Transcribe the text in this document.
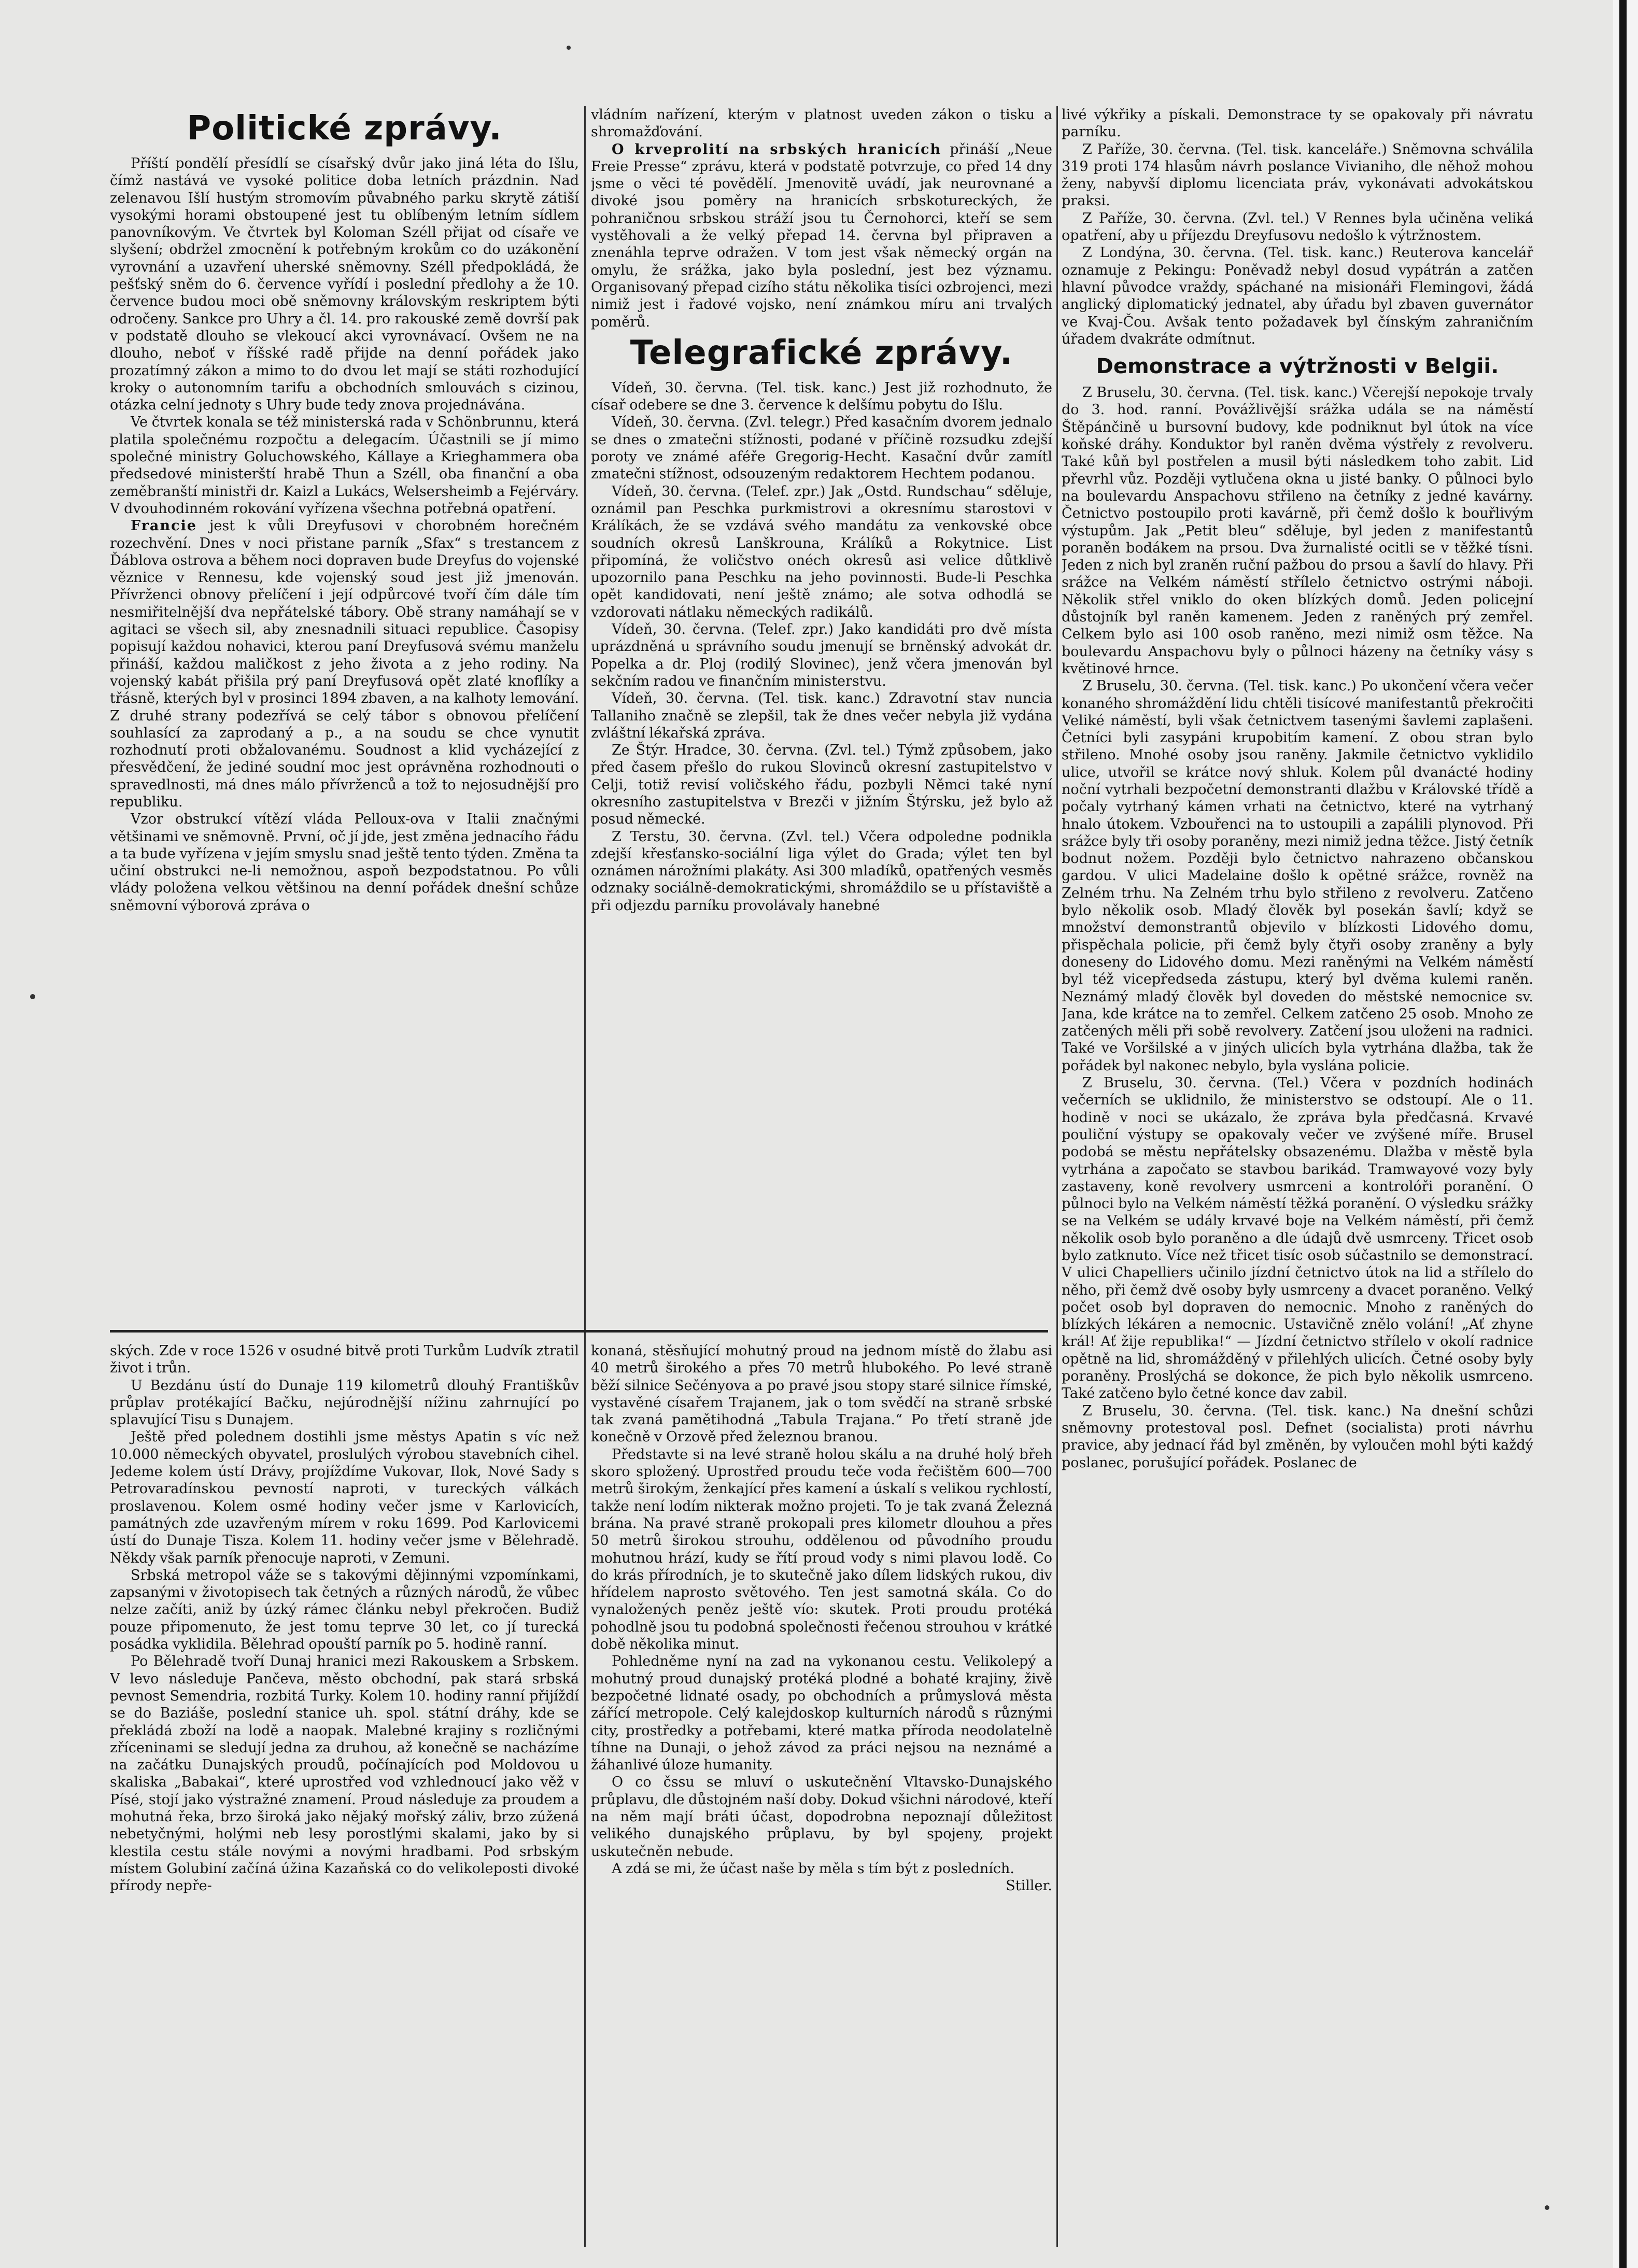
Politické zprávy.

Příští pondělí přesídlí se císařský dvůr jako jiná léta do Išlu, čímž nastává ve vysoké politice doba letních prázdnin. Nad zelenavou Išlí hustým stromovím půvabného parku skrytě zátiší vysokými horami obstoupené jest tu oblíbeným letním sídlem panovníkovým. Ve čtvrtek byl Koloman Széll přijat od císaře ve slyšení; obdržel zmocnění k potřebným krokům co do uzákonění vyrovnání a uzavření uherské sněmovny. Széll předpokládá, že pešťský sněm do 6. července vyřídí i poslední předlohy a že 10. července budou moci obě sněmovny královským reskriptem býti odročeny. Sankce pro Uhry a čl. 14. pro rakouské země dovrší pak v podstatě dlouho se vlekoucí akci vyrovnávací. Ovšem ne na dlouho, neboť v říšské radě přijde na denní pořádek jako prozatímný zákon a mimo to do dvou let mají se státi rozhodující kroky o autonomním tarifu a obchodních smlouvách s cizinou, otázka celní jednoty s Uhry bude tedy znova projednávána.

Ve čtvrtek konala se též ministerská rada v Schönbrunnu, která platila společnému rozpočtu a delegacím. Účastnili se jí mimo společné ministry Goluchowského, Kállaye a Krieghammera oba předsedové ministerští hrabě Thun a Széll, oba finanční a oba zeměbranští ministři dr. Kaizl a Lukács, Welsersheimb a Fejérváry. V dvouhodinném rokování vyřízena všechna potřebná opatření.

Francie jest k vůli Dreyfusovi v chorobném horečném rozechvění. Dnes v noci přistane parník „Sfax“ s trestancem z Ďáblova ostrova a během noci dopraven bude Dreyfus do vojenské věznice v Rennesu, kde vojenský soud jest již jmenován. Přívrženci obnovy přelíčení i její odpůrcové tvoří čím dále tím nesmiřitelnější dva nepřátelské tábory. Obě strany namáhají se v agitaci se všech sil, aby znesnadnili situaci republice. Časopisy popisují každou nohavici, kterou paní Dreyfusová svému manželu přináší, každou maličkost z jeho života a z jeho rodiny. Na vojenský kabát přišila prý paní Dreyfusová opět zlaté knoflíky a třásně, kterých byl v prosinci 1894 zbaven, a na kalhoty lemování. Z druhé strany podezřívá se celý tábor s obnovou přelíčení souhlasící za zaprodaný a p., a na soudu se chce vynutit rozhodnutí proti obžalovanému. Soudnost a klid vycházející z přesvědčení, že jediné soudní moc jest oprávněna rozhodnouti o spravedlnosti, má dnes málo přívrženců a tož to nejosudnější pro republiku.

Vzor obstrukcí vítězí vláda Pelloux-ova v Italii značnými většinami ve sněmovně. První, oč jí jde, jest změna jednacího řádu a ta bude vyřízena v jejím smyslu snad ještě tento týden. Změna ta učiní obstrukci ne-li nemožnou, aspoň bezpodstatnou. Po vůli vlády položena velkou většinou na denní pořádek dnešní schůze sněmovní výborová zpráva o

vládním nařízení, kterým v platnost uveden zákon o tisku a shromažďování.

O krveprolití na srbských hranicích přináší „Neue Freie Presse“ zprávu, která v podstatě potvrzuje, co před 14 dny jsme o věci té povědělí. Jmenovitě uvádí, jak neurovnané a divoké jsou poměry na hranicích srbskotureckých, že pohraničnou srbskou stráží jsou tu Černohorci, kteří se sem vystěhovali a že velký přepad 14. června byl připraven a znenáhla teprve odražen. V tom jest však německý orgán na omylu, že srážka, jako byla poslední, jest bez významu. Organisovaný přepad cizího státu několika tisíci ozbrojenci, mezi nimiž jest i řadové vojsko, není známkou míru ani trvalých poměrů.

Telegrafické zprávy.

Vídeň, 30. června. (Tel. tisk. kanc.) Jest již rozhodnuto, že císař odebere se dne 3. července k delšímu pobytu do Išlu.

Vídeň, 30. června. (Zvl. telegr.) Před kasačním dvorem jednalo se dnes o zmatečni stížnosti, podané v příčině rozsudku zdejší poroty ve známé aféře Gregorig-Hecht. Kasační dvůr zamítl zmatečni stížnost, odsouzeným redaktorem Hechtem podanou.

Vídeň, 30. června. (Telef. zpr.) Jak „Ostd. Rundschau“ sděluje, oznámil pan Peschka purkmistrovi a okresnímu starostovi v Králíkách, že se vzdává svého mandátu za venkovské obce soudních okresů Lanškrouna, Králíků a Rokytnice. List připomíná, že voličstvo onéch okresů asi velice důtklivě upozornilo pana Peschku na jeho povinnosti. Bude-li Peschka opět kandidovati, není ještě známo; ale sotva odhodlá se vzdorovati nátlaku německých radikálů.

Vídeň, 30. června. (Telef. zpr.) Jako kandidáti pro dvě místa uprázdněná u správního soudu jmenují se brněnský advokát dr. Popelka a dr. Ploj (rodilý Slovinec), jenž včera jmenován byl sekčním radou ve finančním ministerstvu.

Vídeň, 30. června. (Tel. tisk. kanc.) Zdravotní stav nuncia Tallaniho značně se zlepšil, tak že dnes večer nebyla již vydána zvláštní lékařská zpráva.

Ze Štýr. Hradce, 30. června. (Zvl. tel.) Týmž způsobem, jako před časem přešlo do rukou Slovinců okresní zastupitelstvo v Celji, totiž revisí voličského řádu, pozbyli Němci také nyní okresního zastupitelstva v Brezči v jižním Štýrsku, jež bylo až posud německé.

Z Terstu, 30. června. (Zvl. tel.) Včera odpoledne podnikla zdejší křesťansko-sociální liga výlet do Grada; výlet ten byl oznámen nárožními plakáty. Asi 300 mladíků, opatřených vesměs odznaky sociálně-demokratickými, shromáždilo se u přístaviště a při odjezdu parníku provolávaly hanebné

livé výkřiky a pískali. Demonstrace ty se opakovaly při návratu parníku.

Z Paříže, 30. června. (Tel. tisk. kanceláře.) Sněmovna schválila 319 proti 174 hlasům návrh poslance Vivianiho, dle něhož mohou ženy, nabyvší diplomu licenciata práv, vykonávati advokátskou praksi.

Z Paříže, 30. června. (Zvl. tel.) V Rennes byla učiněna veliká opatření, aby u příjezdu Dreyfusovu nedošlo k výtržnostem.

Z Londýna, 30. června. (Tel. tisk. kanc.) Reuterova kancelář oznamuje z Pekingu: Poněvadž nebyl dosud vypátrán a zatčen hlavní původce vraždy, spáchané na misionáři Flemingovi, žádá anglický diplomatický jednatel, aby úřadu byl zbaven guvernátor ve Kvaj-Čou. Avšak tento požadavek byl čínským zahraničním úřadem dvakráte odmítnut.

Demonstrace a výtržnosti v Belgii.

Z Bruselu, 30. června. (Tel. tisk. kanc.) Včerejší nepokoje trvaly do 3. hod. ranní. Povážlivější srážka udála se na náměstí Štěpánčině u bursovní budovy, kde podniknut byl útok na více koňské dráhy. Konduktor byl raněn dvěma výstřely z revolveru. Také kůň byl postřelen a musil býti následkem toho zabit. Lid převrhl vůz. Později vytlučena okna u jisté banky. O půlnoci bylo na boulevardu Anspachovu střileno na četníky z jedné kavárny. Četnictvo postoupilo proti kavárně, při čemž došlo k bouřlivým výstupům. Jak „Petit bleu“ sděluje, byl jeden z manifestantů poraněn bodákem na prsou. Dva žurnalisté ocitli se v těžké tísni. Jeden z nich byl zraněn ruční pažbou do prsou a šavlí do hlavy. Při srážce na Velkém náměstí střílelo četnictvo ostrými náboji. Několik střel vniklo do oken blízkých domů. Jeden policejní důstojník byl raněn kamenem. Jeden z raněných prý zemřel. Celkem bylo asi 100 osob raněno, mezi nimiž osm těžce. Na boulevardu Anspachovu byly o půlnoci házeny na četníky vásy s květinové hrnce.

Z Bruselu, 30. června. (Tel. tisk. kanc.) Po ukončení včera večer konaného shromáždění lidu chtěli tisícové manifestantů překročiti Veliké náměstí, byli však četnictvem tasenými šavlemi zaplašeni. Četníci byli zasypáni krupobitím kamení. Z obou stran bylo střileno. Mnohé osoby jsou raněny. Jakmile četnictvo vyklidilo ulice, utvořil se krátce nový shluk. Kolem půl dvanácté hodiny noční vytrhali bezpočetní demonstranti dlažbu v Královské třídě a počaly vytrhaný kámen vrhati na četnictvo, které na vytrhaný hnalo útokem. Vzbouřenci na to ustoupili a zapálili plynovod. Při srážce byly tři osoby poraněny, mezi nimiž jedna těžce. Jistý četník bodnut nožem. Později bylo četnictvo nahrazeno občanskou gardou. V ulici Madelaine došlo k opětné srážce, rovněž na Zelném trhu. Na Zelném trhu bylo střileno z revolveru. Zatčeno bylo několik osob. Mladý člověk byl posekán šavlí; když se množství demonstrantů objevilo v blízkosti Lidového domu, přispěchala policie, při čemž byly čtyři osoby zraněny a byly doneseny do Lidového domu. Mezi raněnými na Velkém náměstí byl též vicepředseda zástupu, který byl dvěma kulemi raněn. Neznámý mladý člověk byl doveden do městské nemocnice sv. Jana, kde krátce na to zemřel. Celkem zatčeno 25 osob. Mnoho ze zatčených měli při sobě revolvery. Zatčení jsou uloženi na radnici. Také ve Voršilské a v jiných ulicích byla vytrhána dlažba, tak že pořádek byl nakonec nebylo, byla vyslána policie.

Z Bruselu, 30. června. (Tel.) Včera v pozdních hodinách večerních se uklidnilo, že ministerstvo se odstoupí. Ale o 11. hodině v noci se ukázalo, že zpráva byla předčasná. Krvavé pouliční výstupy se opakovaly večer ve zvýšené míře. Brusel podobá se městu nepřátelsky obsazenému. Dlažba v městě byla vytrhána a započato se stavbou barikád. Tramwayové vozy byly zastaveny, koně revolvery usmrceni a kontrolóři poranění. O půlnoci bylo na Velkém náměstí těžká poranění. O výsledku srážky se na Velkém se udály krvavé boje na Velkém náměstí, při čemž několik osob bylo poraněno a dle údajů dvě usmrceny. Třicet osob bylo zatknuto. Více než třicet tisíc osob súčastnilo se demonstrací. V ulici Chapelliers učinilo jízdní četnictvo útok na lid a střílelo do něho, při čemž dvě osoby byly usmrceny a dvacet poraněno. Velký počet osob byl dopraven do nemocnic. Mnoho z raněných do blízkých lékáren a nemocnic. Ustavičně znělo volání! „Ať zhyne král! Ať žije republika!“ — Jízdní četnictvo střílelo v okolí radnice opětně na lid, shromážděný v přilehlých ulicích. Četné osoby byly poraněny. Proslýchá se dokonce, že pich bylo několik usmrceno. Také zatčeno bylo četné konce dav zabil.

Z Bruselu, 30. června. (Tel. tisk. kanc.) Na dnešní schůzi sněmovny protestoval posl. Defnet (socialista) proti návrhu pravice, aby jednací řád byl změněn, by vyloučen mohl býti každý poslanec, porušující pořádek. Poslanec de

ských. Zde v roce 1526 v osudné bitvě proti Turkům Ludvík ztratil život i trůn.

U Bezdánu ústí do Dunaje 119 kilometrů dlouhý Františkův průplav protékající Bačku, nejúrodnější nížinu zahrnující po splavující Tisu s Dunajem.

Ještě před polednem dostihli jsme městys Apatin s víc než 10.000 německých obyvatel, proslulých výrobou stavebních cihel. Jedeme kolem ústí Drávy, projíždíme Vukovar, Ilok, Nové Sady s Petrovaradínskou pevností naproti, v tureckých válkách proslavenou. Kolem osmé hodiny večer jsme v Karlovicích, památných zde uzavřeným mírem v roku 1699. Pod Karlovicemi ústí do Dunaje Tisza. Kolem 11. hodiny večer jsme v Bělehradě. Někdy však parník přenocuje naproti, v Zemuni.

Srbská metropol váže se s takovými dějinnými vzpomínkami, zapsanými v životopisech tak četných a různých národů, že vůbec nelze začíti, aniž by úzký rámec článku nebyl překročen. Budiž pouze připomenuto, že jest tomu teprve 30 let, co jí turecká posádka vyklidila. Bělehrad opouští parník po 5. hodině ranní.

Po Bělehradě tvoří Dunaj hranici mezi Rakouskem a Srbskem. V levo následuje Pančeva, město obchodní, pak stará srbská pevnost Semendria, rozbitá Turky. Kolem 10. hodiny ranní přijíždí se do Baziáše, poslední stanice uh. spol. státní dráhy, kde se překládá zboží na lodě a naopak. Malebné krajiny s rozličnými zříceninami se sledují jedna za druhou, až konečně se nacházíme na začátku Dunajských proudů, počínajících pod Moldovou u skaliska „Babakai“, které uprostřed vod vzhlednoucí jako věž v Písé, stojí jako výstražné znamení. Proud následuje za proudem a mohutná řeka, brzo široká jako nějaký mořský záliv, brzo zúžená nebetyčnými, holými neb lesy porostlými skalami, jako by si klestila cestu stále novými a novými hradbami. Pod srbským místem Golubiní začíná úžina Kazaňská co do velikoleposti divoké přírody nepře-

konaná, stěsňující mohutný proud na jednom místě do žlabu asi 40 metrů širokého a přes 70 metrů hlubokého. Po levé straně běží silnice Sečényova a po pravé jsou stopy staré silnice římské, vystavěné císařem Trajanem, jak o tom svědčí na straně srbské tak zvaná pamětihodná „Tabula Trajana.“ Po třetí straně jde konečně v Orzově před železnou branou.

Představte si na levé straně holou skálu a na druhé holý břeh skoro spložený. Uprostřed proudu teče voda řečištěm 600—700 metrů širokým, ženkající přes kamení a úskalí s velikou rychlostí, takže není lodím nikterak možno projeti. To je tak zvaná Železná brána. Na pravé straně prokopali pres kilometr dlouhou a přes 50 metrů širokou strouhu, oddělenou od původního proudu mohutnou hrází, kudy se řítí proud vody s nimi plavou lodě. Co do krás přírodních, je to skutečně jako dílem lidských rukou, div hřídelem naprosto světového. Ten jest samotná skála. Co do vynaložených peněz ještě vío: skutek. Proti proudu protéká pohodlně jsou tu podobná společnosti řečenou strouhou v krátké době několika minut.

Pohledněme nyní na zad na vykonanou cestu. Velikolepý a mohutný proud dunajský protéká plodné a bohaté krajiny, živě bezpočetné lidnaté osady, po obchodních a průmyslová města zářící metropole. Celý kalejdoskop kulturních národů s různými city, prostředky a potřebami, které matka příroda neodolatelně tíhne na Dunaji, o jehož závod za práci nejsou na neznámé a žáhanlivé úloze humanity.

O co čssu se mluví o uskutečnění Vltavsko-Dunajského průplavu, dle důstojném naší doby. Dokud všichni národové, kteří na něm mají bráti účast, dopodrobna nepoznají důležitost velikého dunajského průplavu, by byl spojeny, projekt uskutečněn nebude.

A zdá se mi, že účast naše by měla s tím být z posledních.

Stiller.
